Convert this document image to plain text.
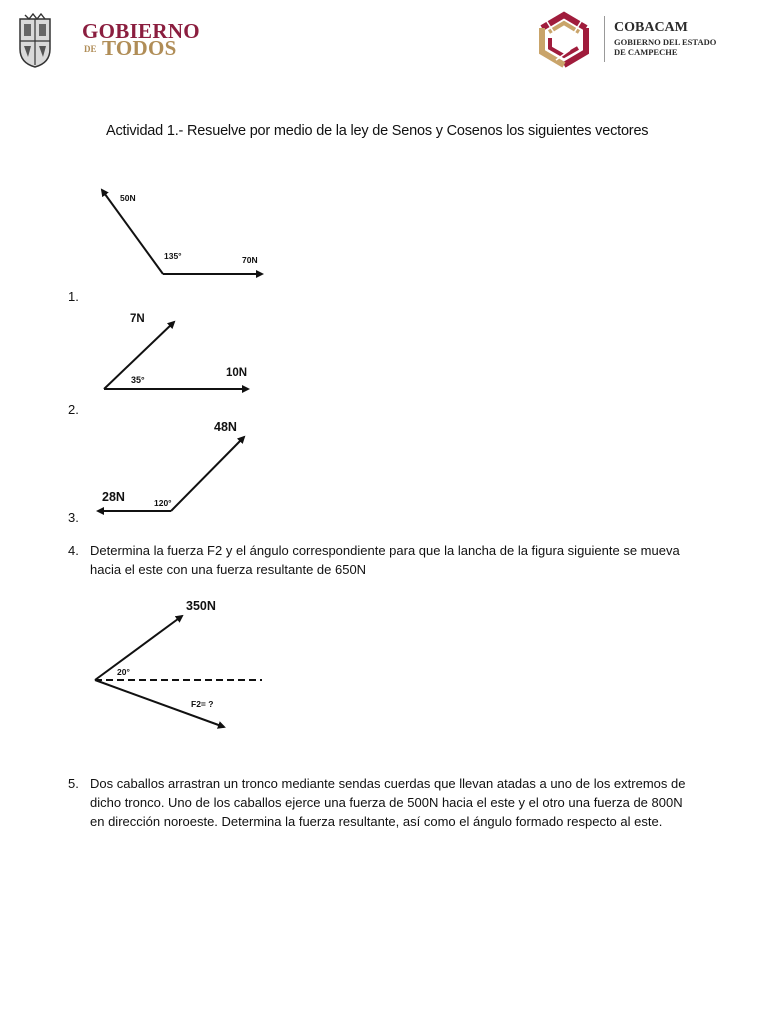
GOBIERNO
DE TODOS
COBACAM
GOBIERNO DEL ESTADO
DE CAMPECHE
Actividad 1.- Resuelve por medio de la ley de Senos y Cosenos los siguientes vectores
50N
135°	70N
1.
7N
35°
10N
2.
48N
120°
28N
3.
4. Determina la fuerza F2 y el ángulo correspondiente para que la lancha de la figura siguiente se mueva
hacia el este con una fuerza resultante de 650N
350N
20°
F2= ?
5. Dos caballos arrastran un tronco mediante sendas cuerdas que llevan atadas a uno de los extremos de
dicho tronco. Uno de los caballos ejerce una fuerza de 500N hacia el este y el otro una fuerza de 800N
en dirección noroeste. Determina la fuerza resultante, así como el ángulo formado respecto al este.
